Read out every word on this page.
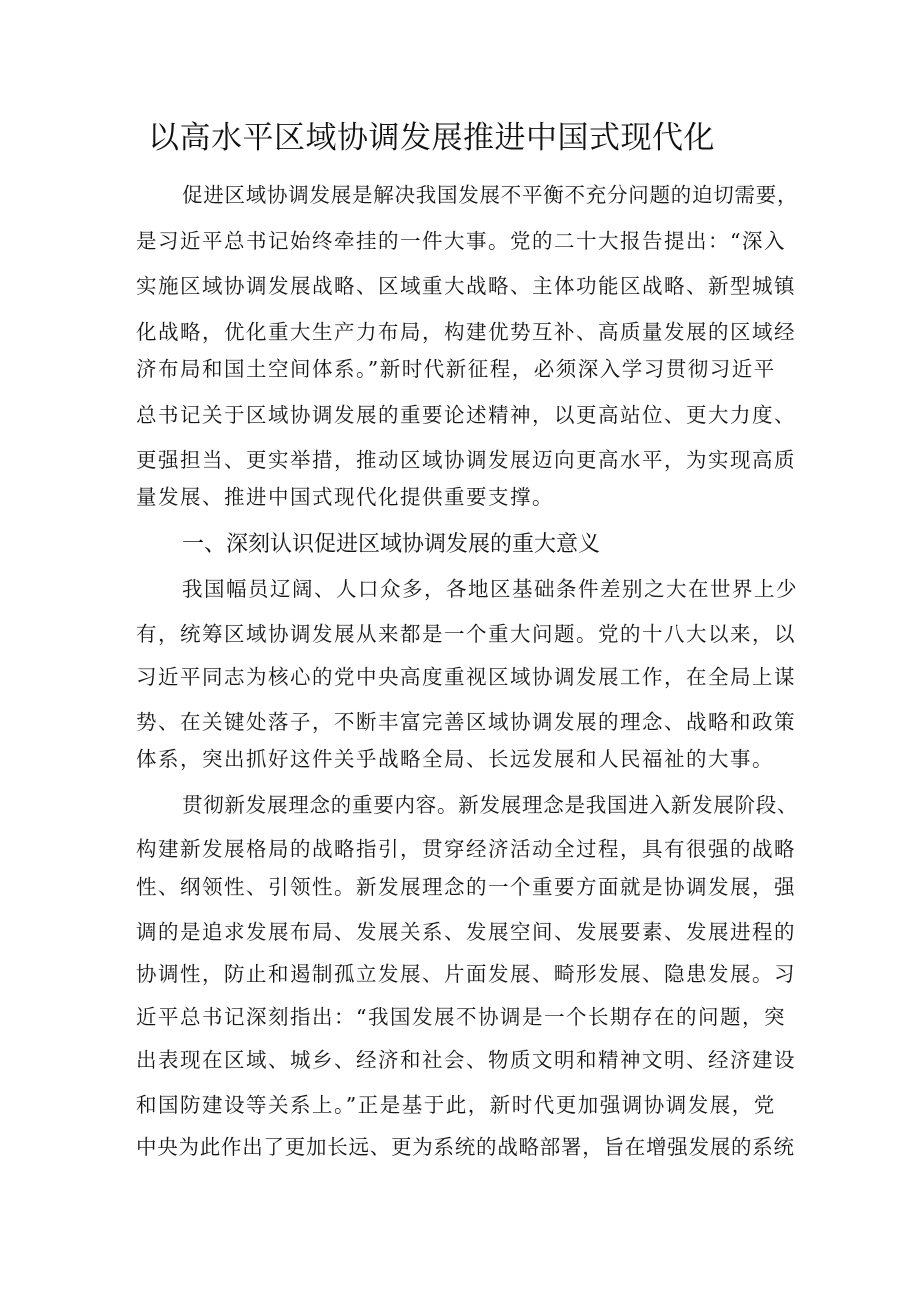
以高水平区域协调发展推进中国式现代化

促进区域协调发展是解决我国发展不平衡不充分问题的迫切需要，

是习近平总书记始终牵挂的一件大事。党的二十大报告提出：“深入

实施区域协调发展战略、区域重大战略、主体功能区战略、新型城镇

化战略，优化重大生产力布局，构建优势互补、高质量发展的区域经

济布局和国土空间体系。”新时代新征程，必须深入学习贯彻习近平

总书记关于区域协调发展的重要论述精神，以更高站位、更大力度、

更强担当、更实举措，推动区域协调发展迈向更高水平，为实现高质

量发展、推进中国式现代化提供重要支撑。

一、深刻认识促进区域协调发展的重大意义

我国幅员辽阔、人口众多，各地区基础条件差别之大在世界上少

有，统筹区域协调发展从来都是一个重大问题。党的十八大以来，以

习近平同志为核心的党中央高度重视区域协调发展工作，在全局上谋

势、在关键处落子，不断丰富完善区域协调发展的理念、战略和政策

体系，突出抓好这件关乎战略全局、长远发展和人民福祉的大事。

贯彻新发展理念的重要内容。新发展理念是我国进入新发展阶段、

构建新发展格局的战略指引，贯穿经济活动全过程，具有很强的战略

性、纲领性、引领性。新发展理念的一个重要方面就是协调发展，强

调的是追求发展布局、发展关系、发展空间、发展要素、发展进程的

协调性，防止和遏制孤立发展、片面发展、畸形发展、隐患发展。习

近平总书记深刻指出：“我国发展不协调是一个长期存在的问题，突

出表现在区域、城乡、经济和社会、物质文明和精神文明、经济建设

和国防建设等关系上。”正是基于此，新时代更加强调协调发展，党

中央为此作出了更加长远、更为系统的战略部署，旨在增强发展的系统
